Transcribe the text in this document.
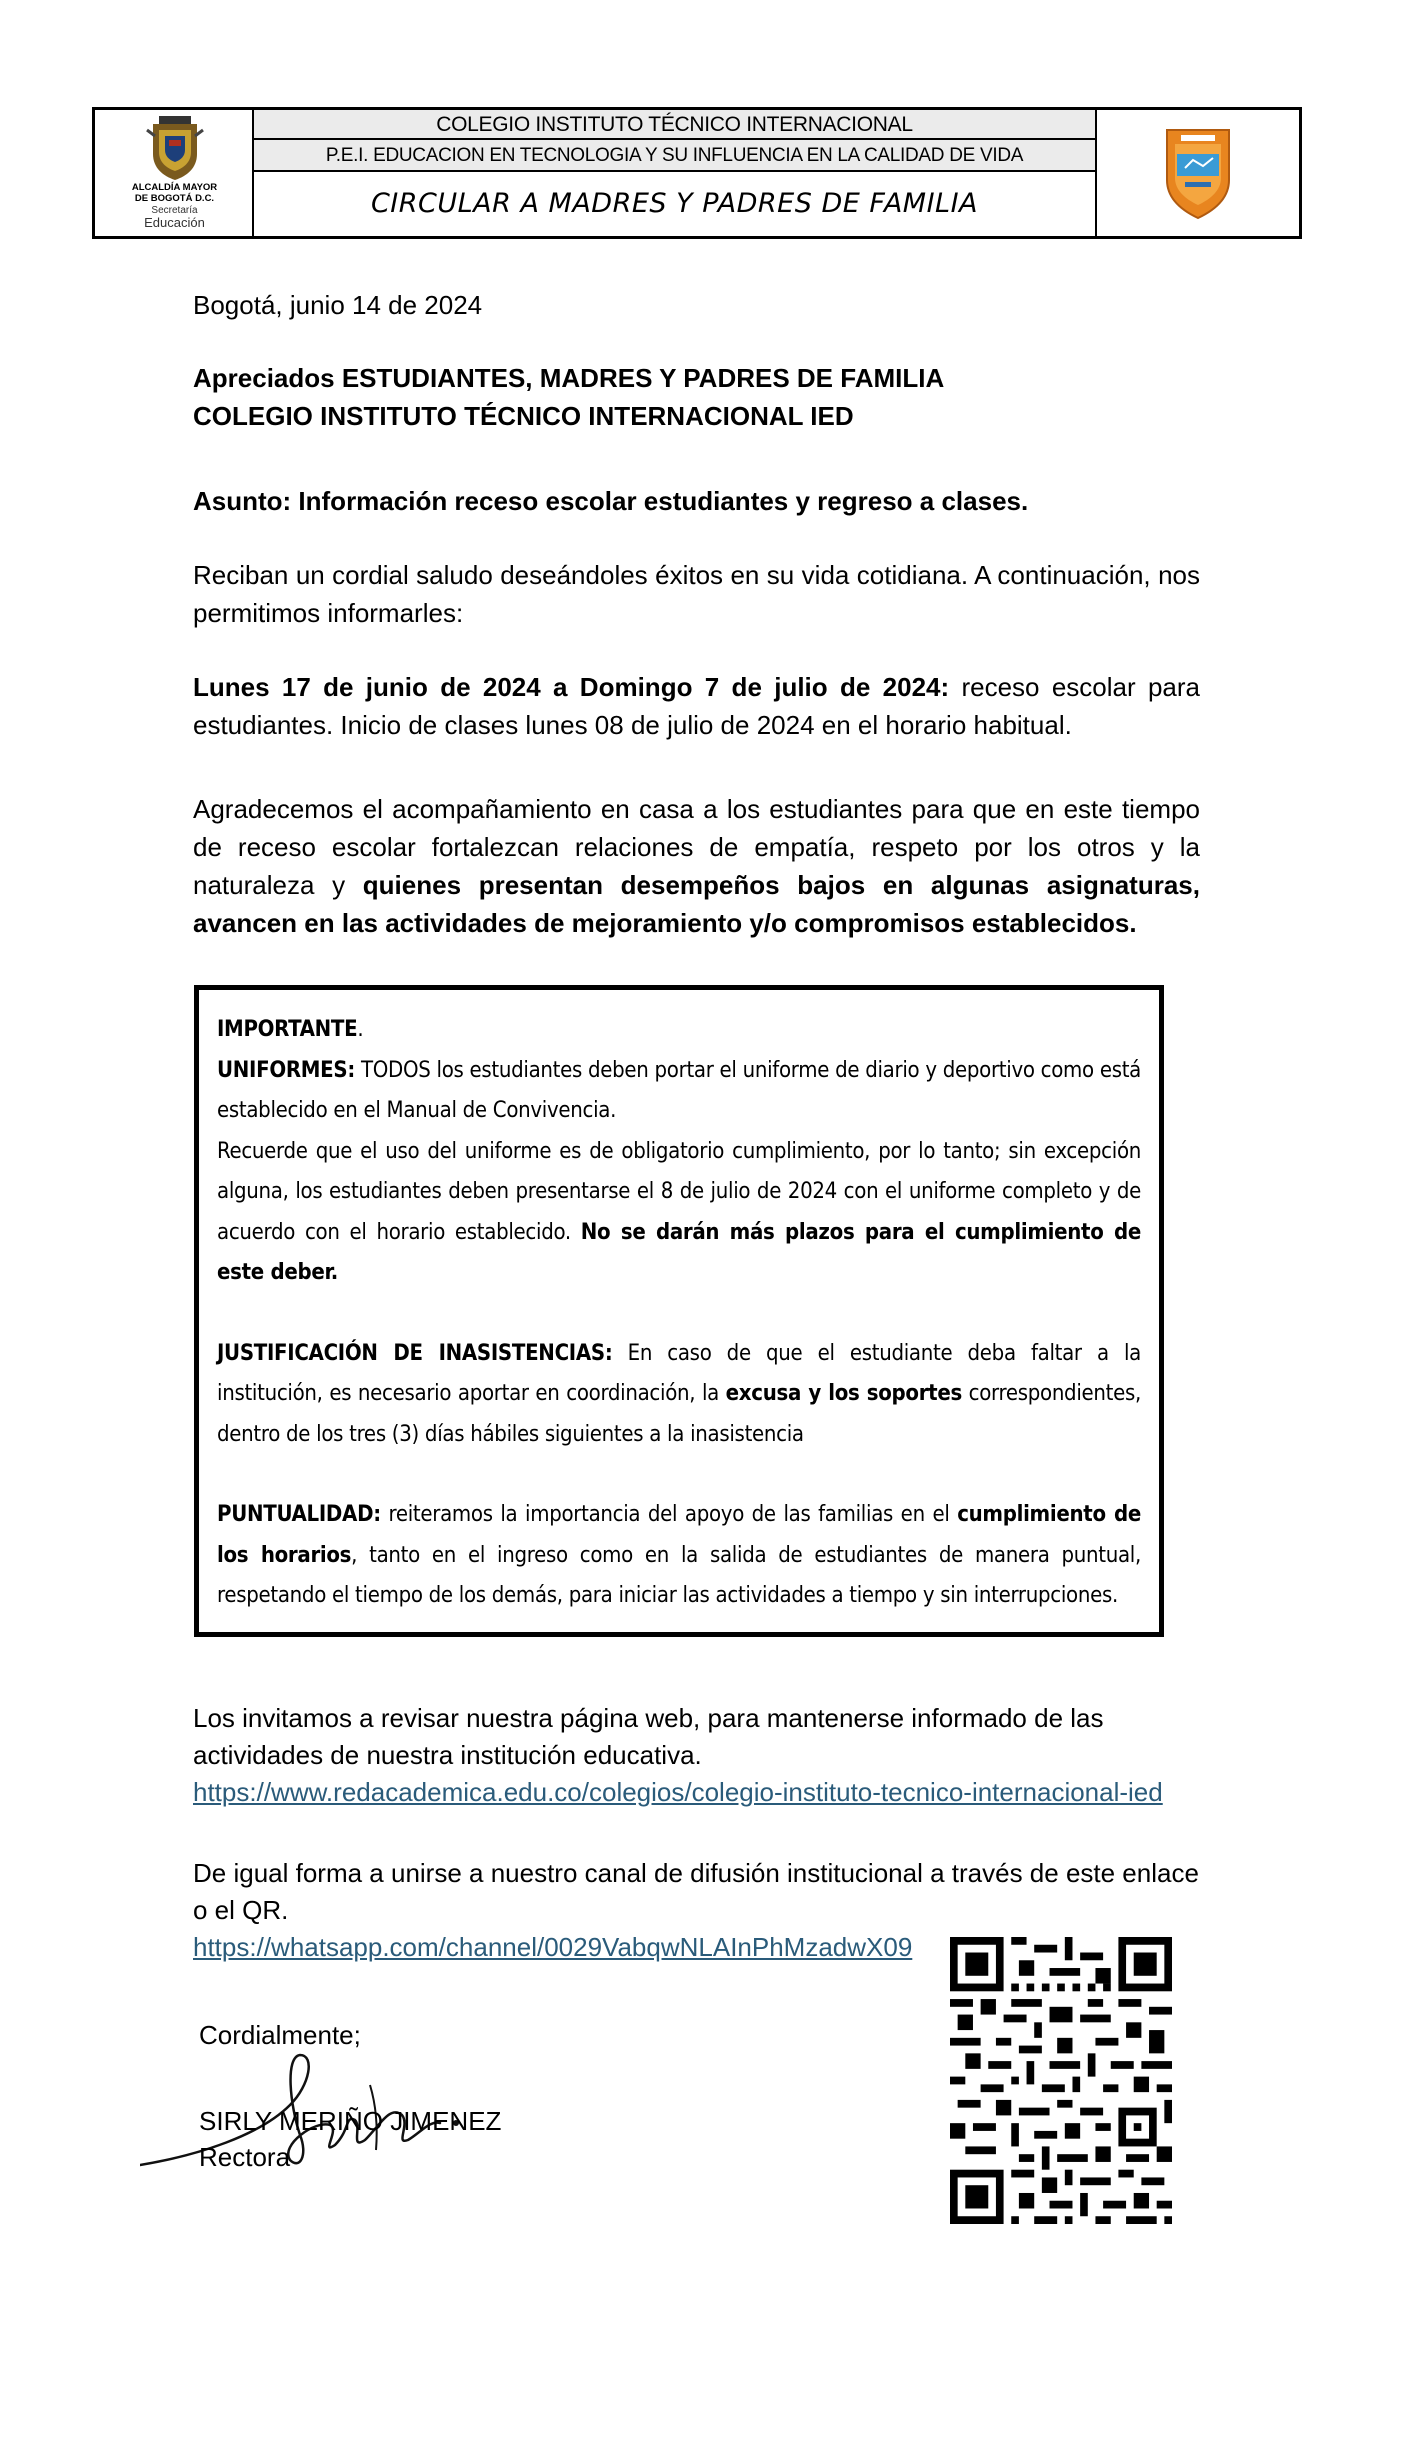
ALCALDÍA MAYOR
DE BOGOTÁ D.C.
Secretaría
Educación
COLEGIO INSTITUTO TÉCNICO INTERNACIONAL
P.E.I. EDUCACION EN TECNOLOGIA Y SU INFLUENCIA EN LA CALIDAD DE VIDA
CIRCULAR A MADRES Y PADRES DE FAMILIA
Bogotá, junio 14 de 2024
Apreciados ESTUDIANTES, MADRES Y PADRES DE FAMILIA
COLEGIO INSTITUTO TÉCNICO INTERNACIONAL IED
Asunto: Información receso escolar estudiantes y regreso a clases.
Reciban un cordial saludo deseándoles éxitos en su vida cotidiana. A continuación, nos permitimos informarles:
Lunes 17 de junio de 2024 a Domingo 7 de julio de 2024: receso escolar para estudiantes. Inicio de clases lunes 08 de julio de 2024 en el horario habitual.
Agradecemos el acompañamiento en casa a los estudiantes para que en este tiempo de receso escolar fortalezcan relaciones de empatía, respeto por los otros y la naturaleza y quienes presentan desempeños bajos en algunas asignaturas, avancen en las actividades de mejoramiento y/o compromisos establecidos.

IMPORTANTE.

UNIFORMES: TODOS los estudiantes deben portar el uniforme de diario y deportivo como está establecido en el Manual de Convivencia.

Recuerde que el uso del uniforme es de obligatorio cumplimiento, por lo tanto; sin excepción alguna, los estudiantes deben presentarse el 8 de julio de 2024 con el uniforme completo y de acuerdo con el horario establecido. No se darán más plazos para el cumplimiento de este deber.

JUSTIFICACIÓN DE INASISTENCIAS: En caso de que el estudiante deba faltar a la institución, es necesario aportar en coordinación, la excusa y los soportes correspondientes, dentro de los tres (3) días hábiles siguientes a la inasistencia

PUNTUALIDAD: reiteramos la importancia del apoyo de las familias en el cumplimiento de los horarios, tanto en el ingreso como en la salida de estudiantes de manera puntual, respetando el tiempo de los demás, para iniciar las actividades a tiempo y sin interrupciones.

Los invitamos a revisar nuestra página web, para mantenerse informado de las actividades de nuestra institución educativa.
https://www.redacademica.edu.co/colegios/colegio-instituto-tecnico-internacional-ied
De igual forma a unirse a nuestro canal de difusión institucional a través de este enlace o el QR.
https://whatsapp.com/channel/0029VabqwNLAInPhMzadwX09
Cordialmente;
SIRLY MERIÑO JIMENEZ
Rectora
